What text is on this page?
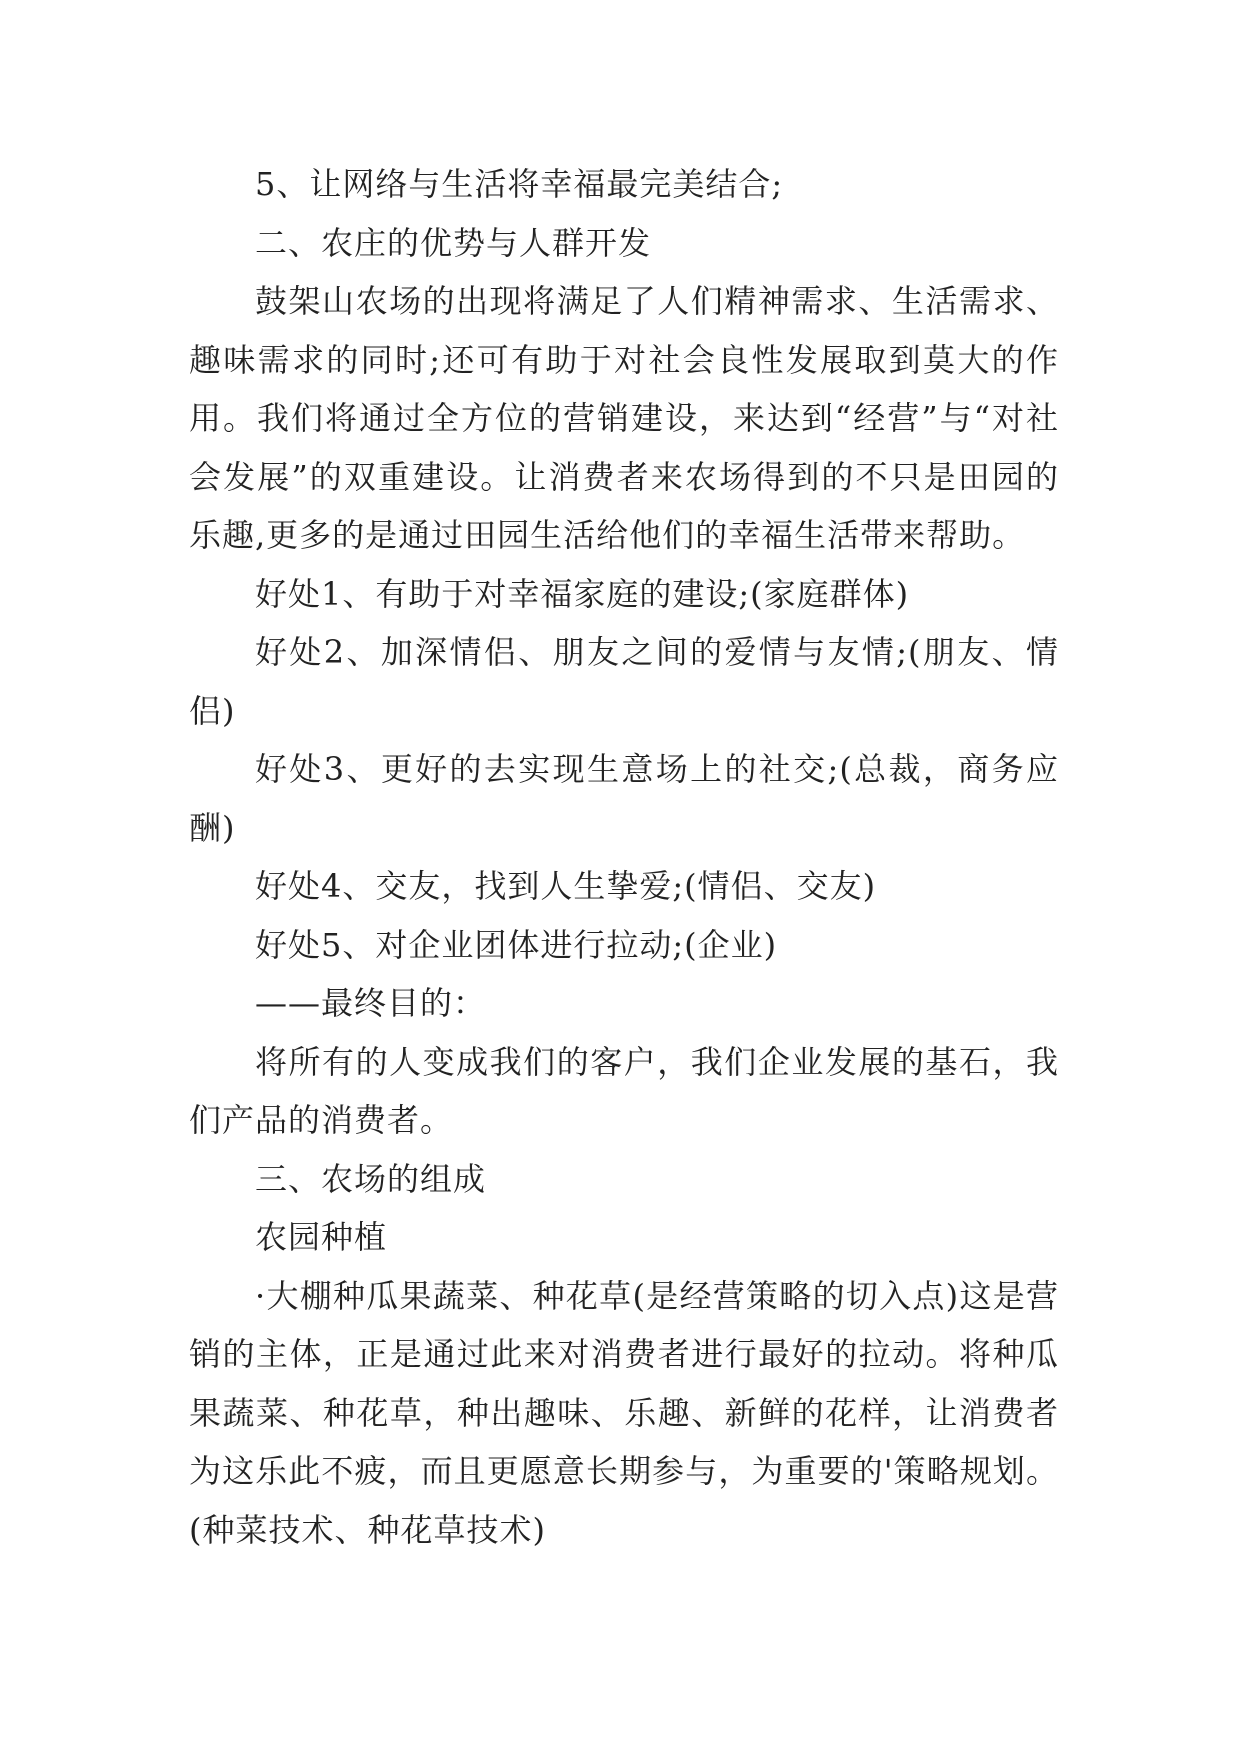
5、让网络与生活将幸福最完美结合;

二、农庄的优势与人群开发

鼓架山农场的出现将满足了人们精神需求、生活需求、趣味需求的同时;还可有助于对社会良性发展取到莫大的作用。我们将通过全方位的营销建设，来达到“经营”与“对社会发展”的双重建设。让消费者来农场得到的不只是田园的乐趣,更多的是通过田园生活给他们的幸福生活带来帮助。

好处1、有助于对幸福家庭的建设;(家庭群体)

好处2、加深情侣、朋友之间的爱情与友情;(朋友、情侣)

好处3、更好的去实现生意场上的社交;(总裁，商务应酬)

好处4、交友，找到人生挚爱;(情侣、交友)

好处5、对企业团体进行拉动;(企业)

——最终目的：

将所有的人变成我们的客户，我们企业发展的基石，我们产品的消费者。

三、农场的组成

农园种植

·大棚种瓜果蔬菜、种花草(是经营策略的切入点)这是营销的主体，正是通过此来对消费者进行最好的拉动。将种瓜果蔬菜、种花草，种出趣味、乐趣、新鲜的花样，让消费者为这乐此不疲，而且更愿意长期参与，为重要的'策略规划。(种菜技术、种花草技术)
